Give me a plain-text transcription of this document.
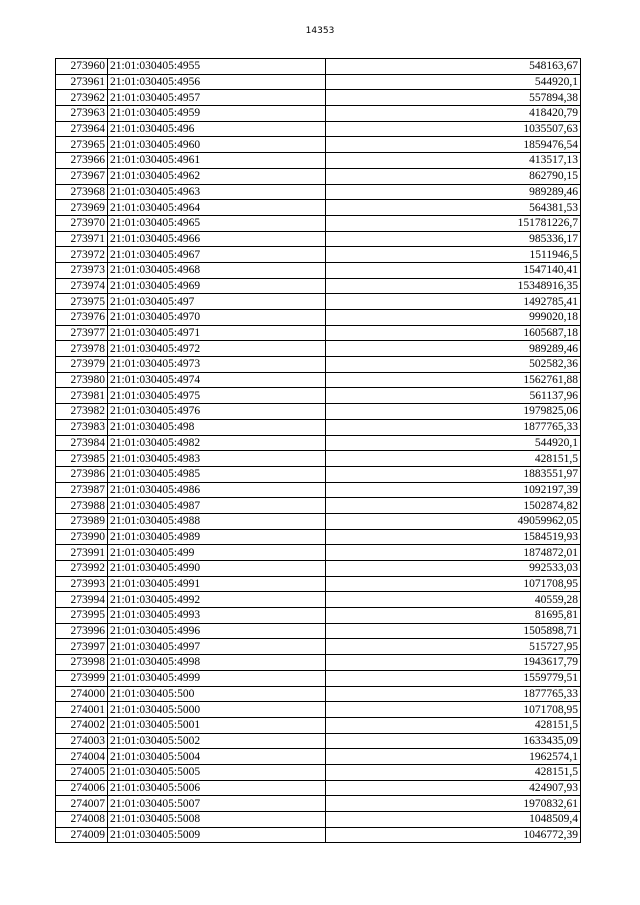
14353
273960	21:01:030405:4955	548163,67
273961	21:01:030405:4956	544920,1
273962	21:01:030405:4957	557894,38
273963	21:01:030405:4959	418420,79
273964	21:01:030405:496	1035507,63
273965	21:01:030405:4960	1859476,54
273966	21:01:030405:4961	413517,13
273967	21:01:030405:4962	862790,15
273968	21:01:030405:4963	989289,46
273969	21:01:030405:4964	564381,53
273970	21:01:030405:4965	151781226,7
273971	21:01:030405:4966	985336,17
273972	21:01:030405:4967	1511946,5
273973	21:01:030405:4968	1547140,41
273974	21:01:030405:4969	15348916,35
273975	21:01:030405:497	1492785,41
273976	21:01:030405:4970	999020,18
273977	21:01:030405:4971	1605687,18
273978	21:01:030405:4972	989289,46
273979	21:01:030405:4973	502582,36
273980	21:01:030405:4974	1562761,88
273981	21:01:030405:4975	561137,96
273982	21:01:030405:4976	1979825,06
273983	21:01:030405:498	1877765,33
273984	21:01:030405:4982	544920,1
273985	21:01:030405:4983	428151,5
273986	21:01:030405:4985	1883551,97
273987	21:01:030405:4986	1092197,39
273988	21:01:030405:4987	1502874,82
273989	21:01:030405:4988	49059962,05
273990	21:01:030405:4989	1584519,93
273991	21:01:030405:499	1874872,01
273992	21:01:030405:4990	992533,03
273993	21:01:030405:4991	1071708,95
273994	21:01:030405:4992	40559,28
273995	21:01:030405:4993	81695,81
273996	21:01:030405:4996	1505898,71
273997	21:01:030405:4997	515727,95
273998	21:01:030405:4998	1943617,79
273999	21:01:030405:4999	1559779,51
274000	21:01:030405:500	1877765,33
274001	21:01:030405:5000	1071708,95
274002	21:01:030405:5001	428151,5
274003	21:01:030405:5002	1633435,09
274004	21:01:030405:5004	1962574,1
274005	21:01:030405:5005	428151,5
274006	21:01:030405:5006	424907,93
274007	21:01:030405:5007	1970832,61
274008	21:01:030405:5008	1048509,4
274009	21:01:030405:5009	1046772,39
